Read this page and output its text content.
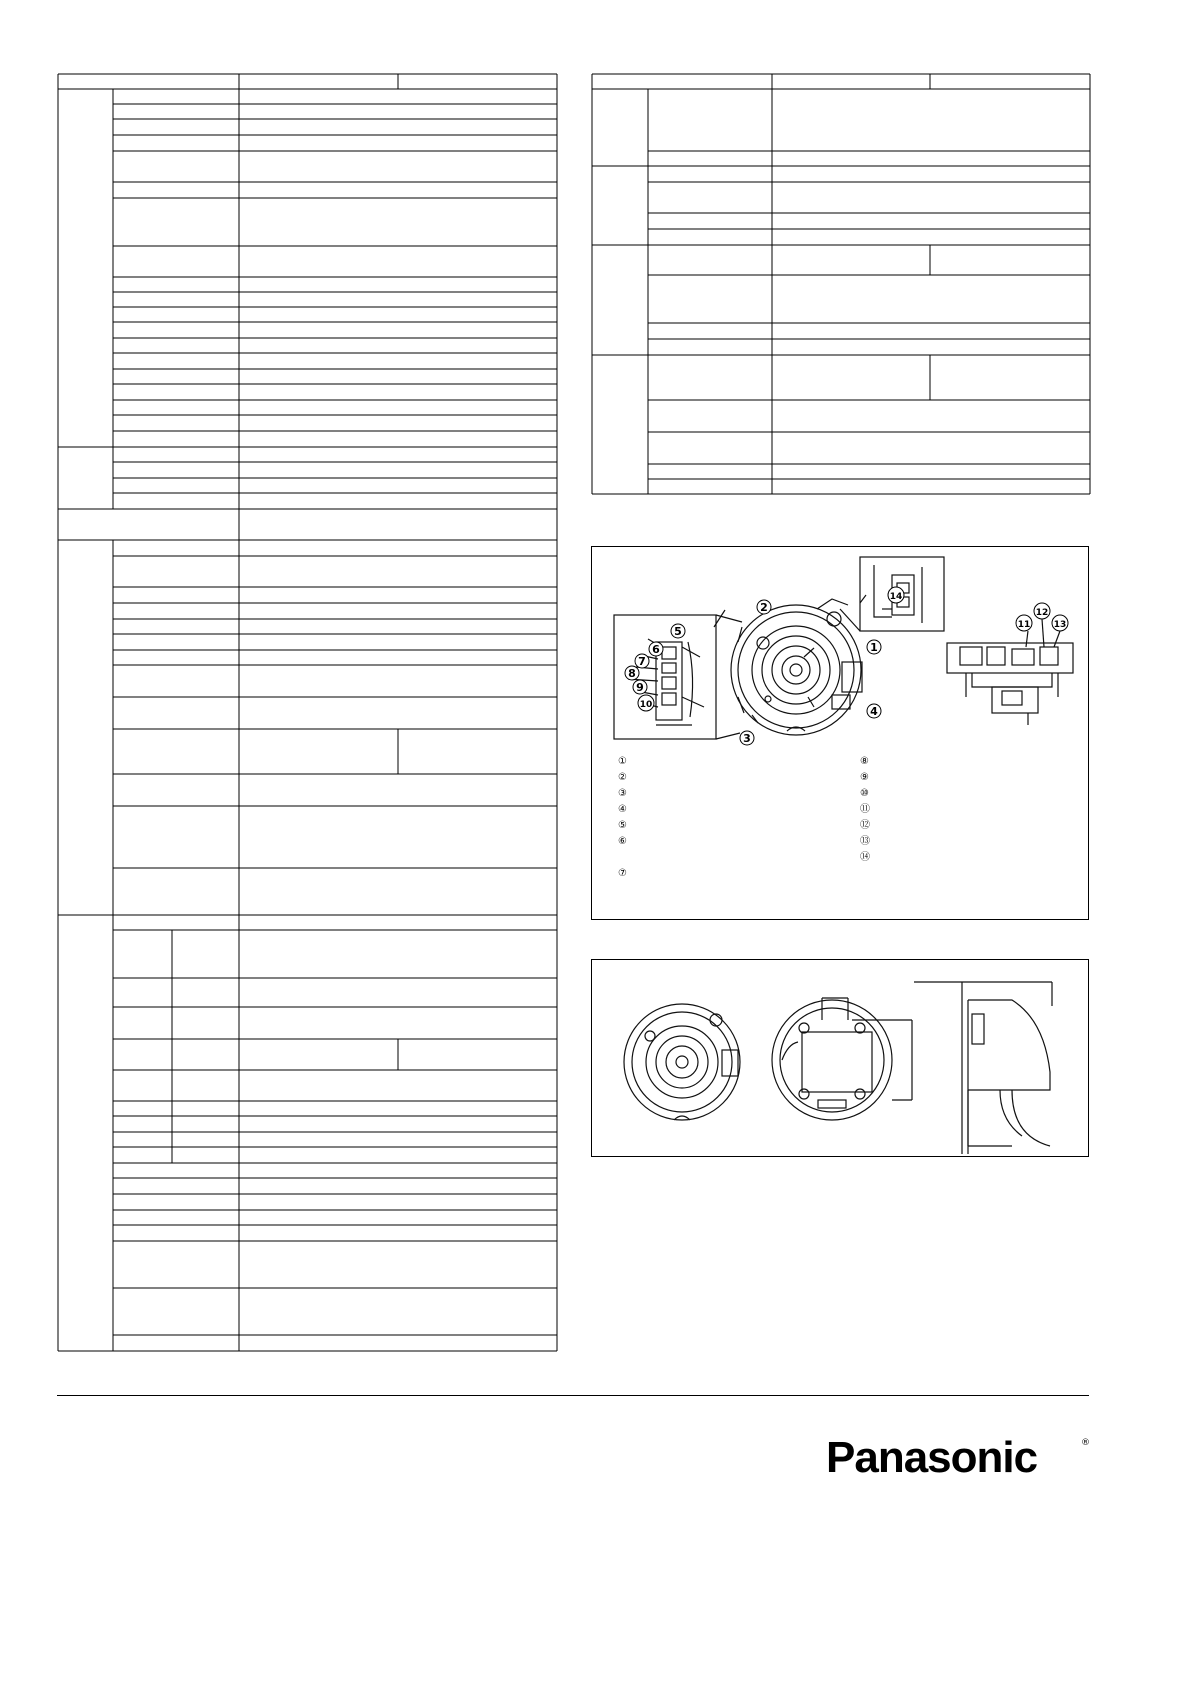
1
2
3
4
5
6
7
8
9
10
11
12
13
14
①
②
③
④
⑤
⑥
⑦
⑧
⑨
⑩
⑪
⑫
⑬
⑭
Panasonic	®
